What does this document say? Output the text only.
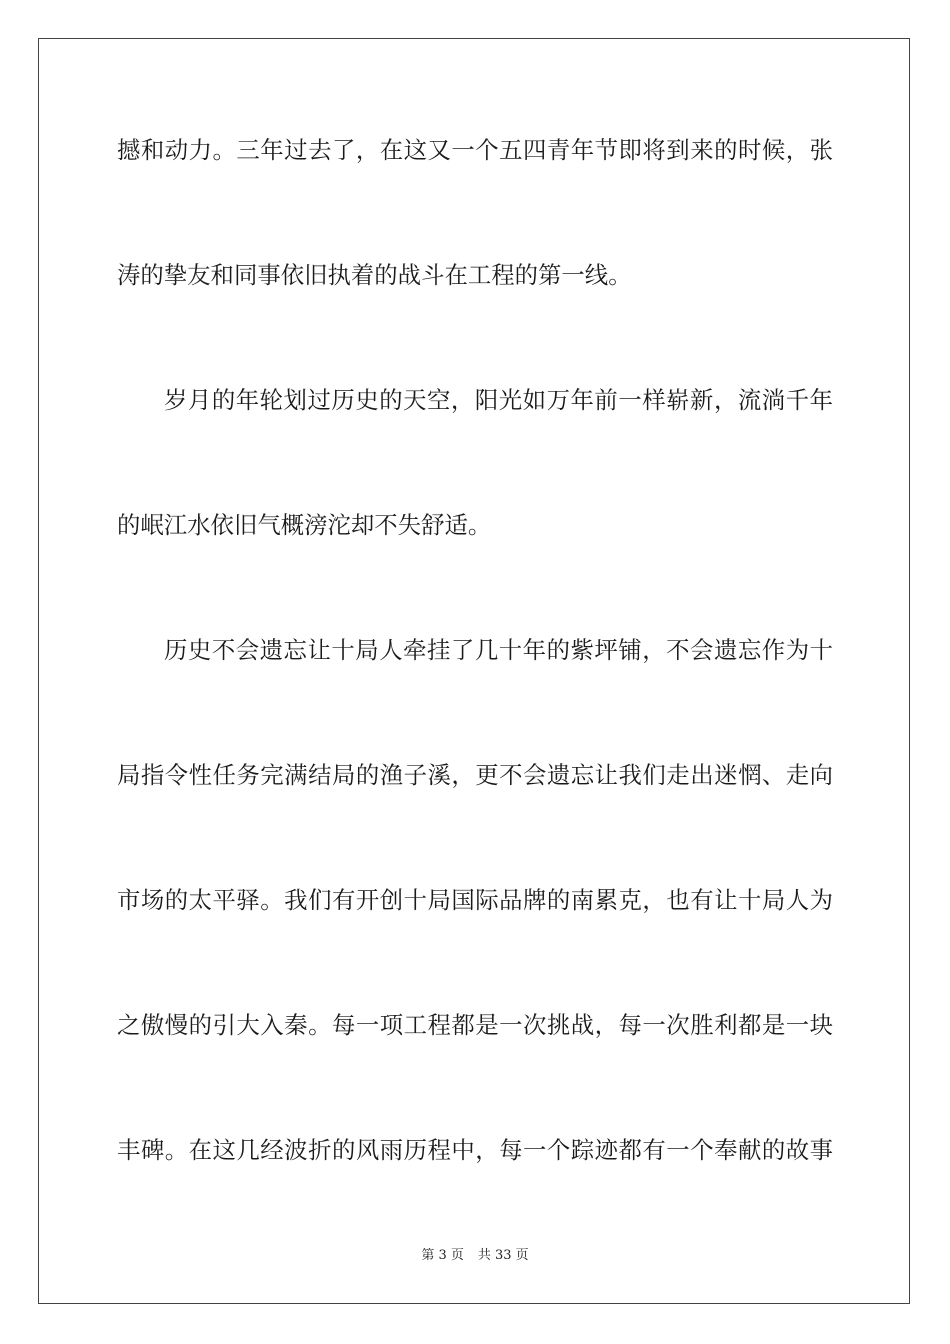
撼和动力。三年过去了，在这又一个五四青年节即将到来的时候，张
涛的挚友和同事依旧执着的战斗在工程的第一线。
岁月的年轮划过历史的天空，阳光如万年前一样崭新，流淌千年
的岷江水依旧气概滂沱却不失舒适。
历史不会遗忘让十局人牵挂了几十年的紫坪铺，不会遗忘作为十
局指令性任务完满结局的渔子溪，更不会遗忘让我们走出迷惘、走向
市场的太平驿。我们有开创十局国际品牌的南累克，也有让十局人为
之傲慢的引大入秦。每一项工程都是一次挑战，每一次胜利都是一块
丰碑。在这几经波折的风雨历程中，每一个踪迹都有一个奉献的故事
第 3 页 共 33 页
